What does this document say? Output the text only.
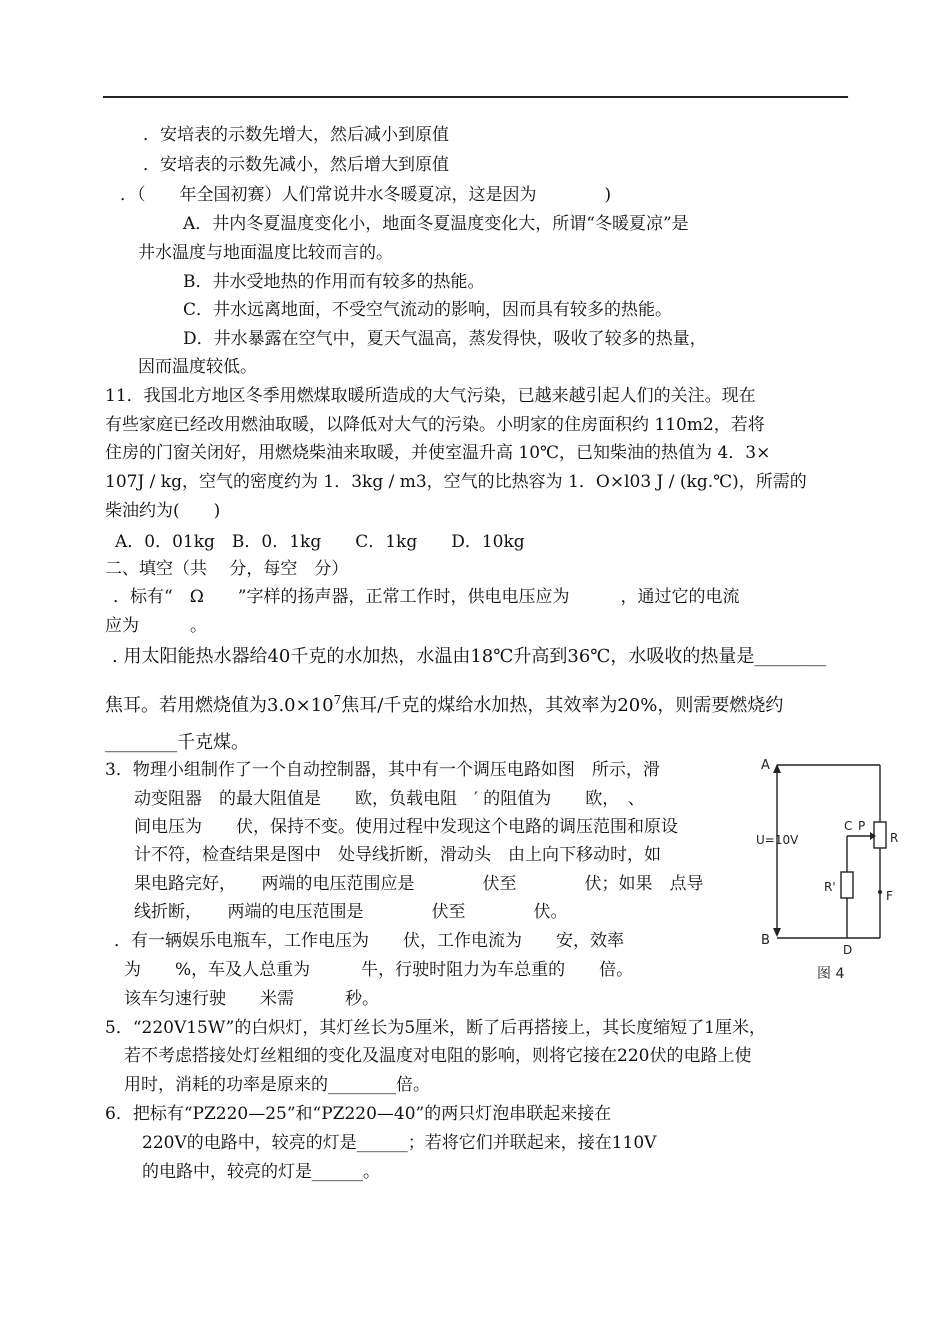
.
．安培表的示数先增大，然后减小到原值
．安培表的示数先减小，然后增大到原值
．（　　年全国初赛）人们常说井水冬暖夏凉，这是因为　　　　)
A．井内冬夏温度变化小，地面冬夏温度变化大，所谓“冬暖夏凉”是
井水温度与地面温度比较而言的。
B．井水受地热的作用而有较多的热能。
C．井水远离地面，不受空气流动的影响，因而具有较多的热能。
D．井水暴露在空气中，夏天气温高，蒸发得快，吸收了较多的热量，
因而温度较低。
11．我国北方地区冬季用燃煤取暖所造成的大气污染，已越来越引起人们的关注。现在
有些家庭已经改用燃油取暖，以降低对大气的污染。小明家的住房面积约 110m2，若将
住房的门窗关闭好，用燃烧柴油来取暖，并使室温升高 10℃，已知柴油的热值为 4．3×
107J / kg，空气的密度约为 1．3kg / m3，空气的比热容为 1．O×l03 J / (kg.℃)，所需的
柴油约为(　　)
A．0．01kg　B．0．1kg　　C．1kg　　D．10kg
二、填空（共　 分，每空　分）
．标有“　Ω　　”字样的扬声器，正常工作时，供电电压应为　　　，通过它的电流
应为　　　。
. 用太阳能热水器给40千克的水加热，水温由18℃升高到36℃，水吸收的热量是________
焦耳。若用燃烧值为$3.0\times 10^7$焦耳/千克的煤给水加热，其效率为20%，则需要燃烧约
________千克煤。
3．物理小组制作了一个自动控制器，其中有一个调压电路如图　所示，滑
动变阻器　的最大阻值是　　欧，负载电阻　′ 的阻值为　　欧，　、
间电压为　　伏，保持不变。使用过程中发现这个电路的调压范围和原设
计不符，检查结果是图中　处导线折断，滑动头　由上向下移动时，如
果电路完好，　　两端的电压范围应是　　　　伏至　　　　伏；如果　点导
线折断，　　两端的电压范围是　　　　伏至　　　　伏。
．有一辆娱乐电瓶车，工作电压为　　伏，工作电流为　　安，效率
为　　%，车及人总重为　　　牛，行驶时阻力为车总重的　　倍。
该车匀速行驶　　米需　　　秒。
5．“220V15W”的白炽灯，其灯丝长为5厘米，断了后再搭接上，其长度缩短了1厘米，
若不考虑搭接处灯丝粗细的变化及温度对电阻的影响，则将它接在220伏的电路上使
用时，消耗的功率是原来的________倍。
6．把标有“PZ220—25”和“PZ220—40”的两只灯泡串联起来接在
220V的电路中，较亮的灯是______；若将它们并联起来，接在110V
的电路中，较亮的灯是______。
A
B
U=10V
C P
R
R'
F
D
图 4
